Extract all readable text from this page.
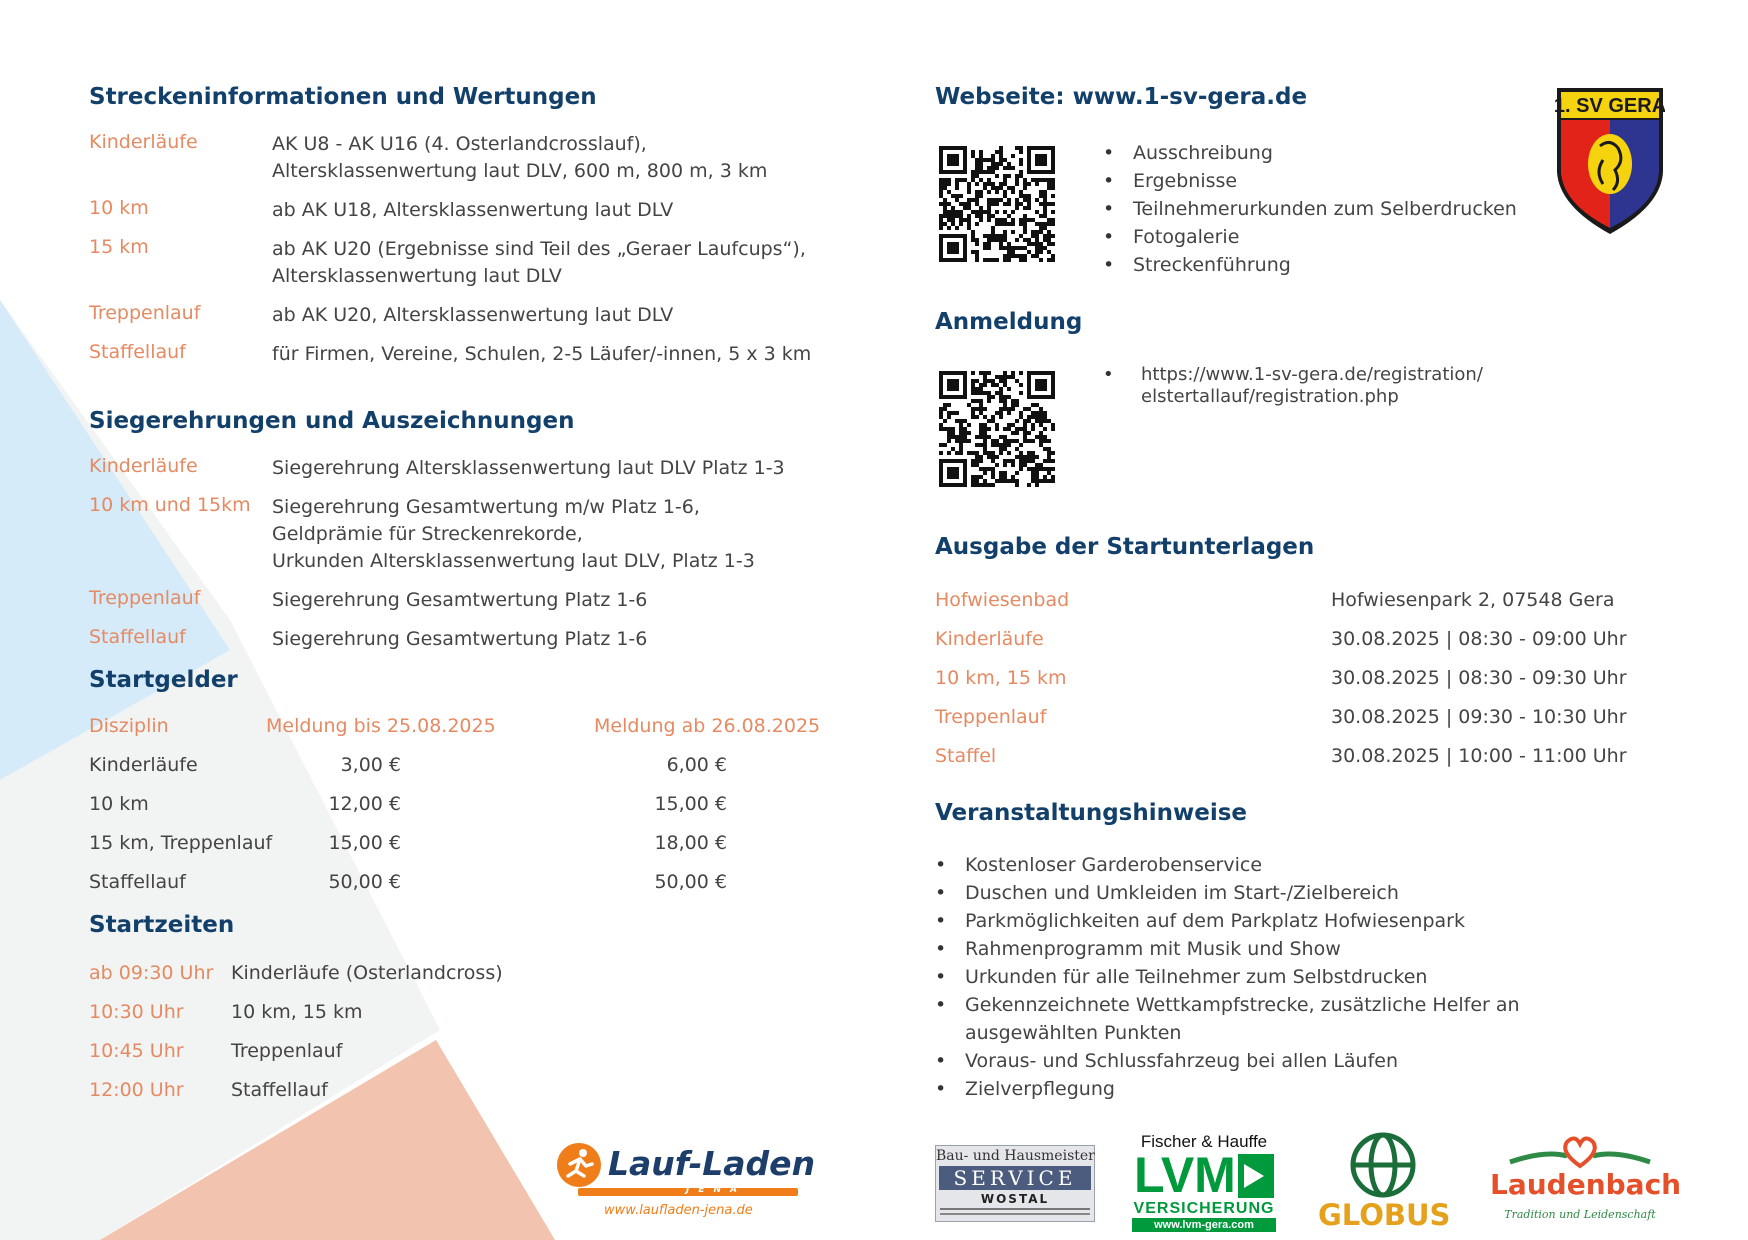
Streckeninformationen und Wertungen
Kinderläufe	AK U8 - AK U16 (4. Osterlandcrosslauf),
Altersklassenwertung laut DLV, 600 m, 800 m, 3 km
10 km	ab AK U18, Altersklassenwertung laut DLV
15 km	ab AK U20 (Ergebnisse sind Teil des „Geraer Laufcups“),
Altersklassenwertung laut DLV
Treppenlauf	ab AK U20, Altersklassenwertung laut DLV
Staffellauf	für Firmen, Vereine, Schulen, 2-5 Läufer/-innen, 5 x 3 km
Siegerehrungen und Auszeichnungen
Kinderläufe	Siegerehrung Altersklassenwertung laut DLV Platz 1-3
10 km und 15km Siegerehrung Gesamtwertung m/w Platz 1-6,
Geldprämie für Streckenrekorde,
Urkunden Altersklassenwertung laut DLV, Platz 1-3
Treppenlauf	Siegerehrung Gesamtwertung Platz 1-6
Staffellauf	Siegerehrung Gesamtwertung Platz 1-6
Startgelder
Disziplin	Meldung bis 25.08.2025	Meldung ab 26.08.2025
Kinderläufe	3,00 €	6,00 €
10 km	12,00 €	15,00 €
15 km, Treppenlauf	15,00 €	18,00 €
Staffellauf	50,00 €	50,00 €
Startzeiten
ab 09:30 Uhr Kinderläufe (Osterlandcross)
10:30 Uhr 10 km, 15 km
10:45 Uhr Treppenlauf
12:00 Uhr Staffellauf
Lauf-Laden
JENA
www.laufladen-jena.de
Webseite: www.1-sv-gera.de
• Ausschreibung
• Ergebnisse
• Teilnehmerurkunden zum Selberdrucken
• Fotogalerie
• Streckenführung
1. SV GERA
Anmeldung
• https://www.1-sv-gera.de/registration/
elstertallauf/registration.php
Ausgabe der Startunterlagen
Hofwiesenbad	Hofwiesenpark 2, 07548 Gera
Kinderläufe	30.08.2025 | 08:30 - 09:00 Uhr
10 km, 15 km	30.08.2025 | 08:30 - 09:30 Uhr
Treppenlauf	30.08.2025 | 09:30 - 10:30 Uhr
Staffel	30.08.2025 | 10:00 - 11:00 Uhr
Veranstaltungshinweise
• Kostenloser Garderobenservice
• Duschen und Umkleiden im Start-/Zielbereich
• Parkmöglichkeiten auf dem Parkplatz Hofwiesenpark
• Rahmenprogramm mit Musik und Show
• Urkunden für alle Teilnehmer zum Selbstdrucken
• Gekennzeichnete Wettkampfstrecke, zusätzliche Helfer an
ausgewählten Punkten
• Voraus- und Schlussfahrzeug bei allen Läufen
• Zielverpflegung
Bau- und Hausmeister
SERVICE
WOSTAL
Fischer & Hauffe
LVM
VERSICHERUNG
www.lvm-gera.com	GLOBUS
Laudenbach
Tradition und Leidenschaft
